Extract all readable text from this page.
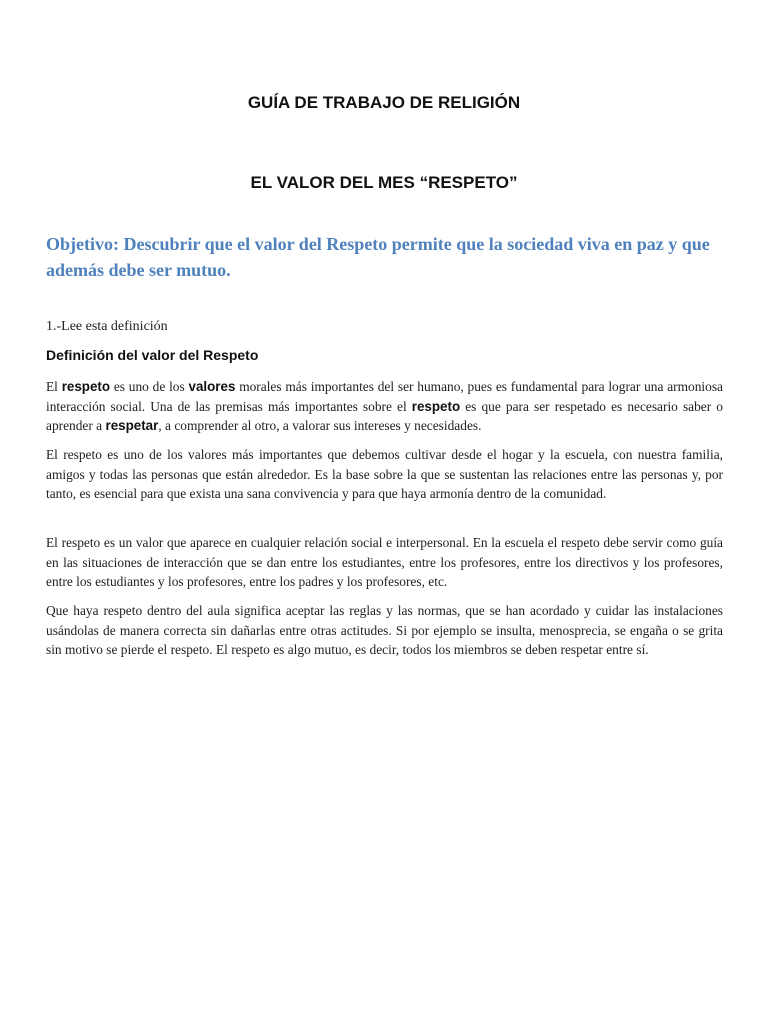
GUÍA DE TRABAJO DE RELIGIÓN
EL VALOR DEL MES “RESPETO”

Objetivo: Descubrir que el valor del Respeto permite que la sociedad viva en paz y que además debe ser mutuo.

1.-Lee esta definición

Definición del valor del Respeto

El respeto es uno de los valores morales más importantes del ser humano, pues es fundamental para lograr una armoniosa interacción social. Una de las premisas más importantes sobre el respeto es que para ser respetado es necesario saber o aprender a respetar, a comprender al otro, a valorar sus intereses y necesidades.

El respeto es uno de los valores más importantes que debemos cultivar desde el hogar y la escuela, con nuestra familia, amigos y todas las personas que están alrededor. Es la base sobre la que se sustentan las relaciones entre las personas y, por tanto, es esencial para que exista una sana convivencia y para que haya armonía dentro de la comunidad.

El respeto es un valor que aparece en cualquier relación social e interpersonal. En la escuela el respeto debe servir como guía en las situaciones de interacción que se dan entre los estudiantes, entre los profesores, entre los directivos y los profesores, entre los estudiantes y los profesores, entre los padres y los profesores, etc.

Que haya respeto dentro del aula significa aceptar las reglas y las normas, que se han acordado y cuidar las instalaciones usándolas de manera correcta sin dañarlas entre otras actitudes. Si por ejemplo se insulta, menosprecia, se engaña o se grita sin motivo se pierde el respeto. El respeto es algo mutuo, es decir, todos los miembros se deben respetar entre sí.
